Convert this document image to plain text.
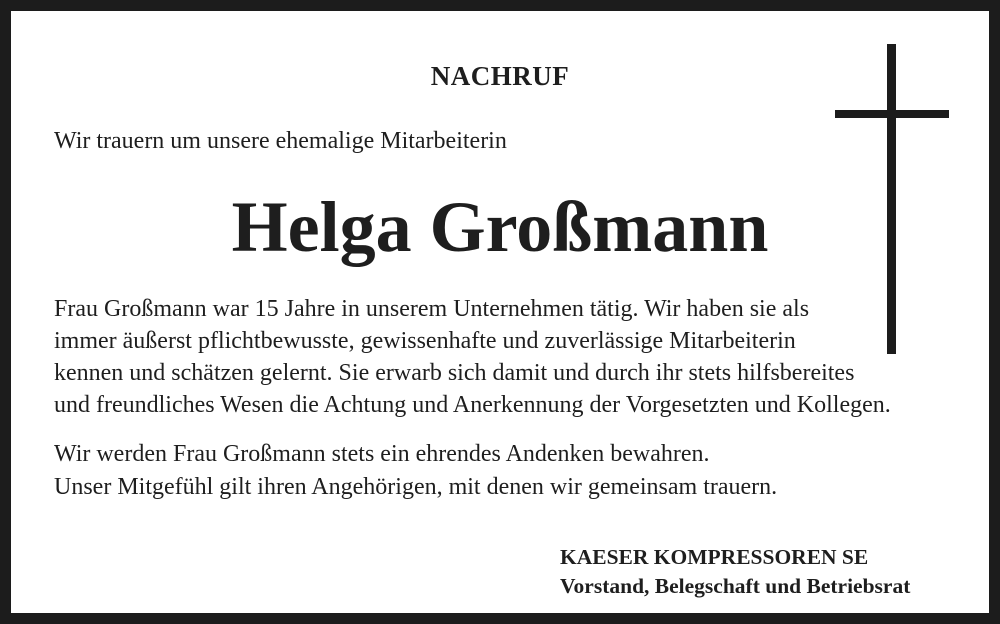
NACHRUF
Wir trauern um unsere ehemalige Mitarbeiterin
Helga Großmann
Frau Großmann war 15 Jahre in unserem Unternehmen tätig. Wir haben sie als
immer äußerst pflichtbewusste, gewissenhafte und zuverlässige Mitarbeiterin
kennen und schätzen gelernt. Sie erwarb sich damit und durch ihr stets hilfsbereites
und freundliches Wesen die Achtung und Anerkennung der Vorgesetzten und Kollegen.
Wir werden Frau Großmann stets ein ehrendes Andenken bewahren.
Unser Mitgefühl gilt ihren Angehörigen, mit denen wir gemeinsam trauern.
KAESER KOMPRESSOREN SE
Vorstand, Belegschaft und Betriebsrat
